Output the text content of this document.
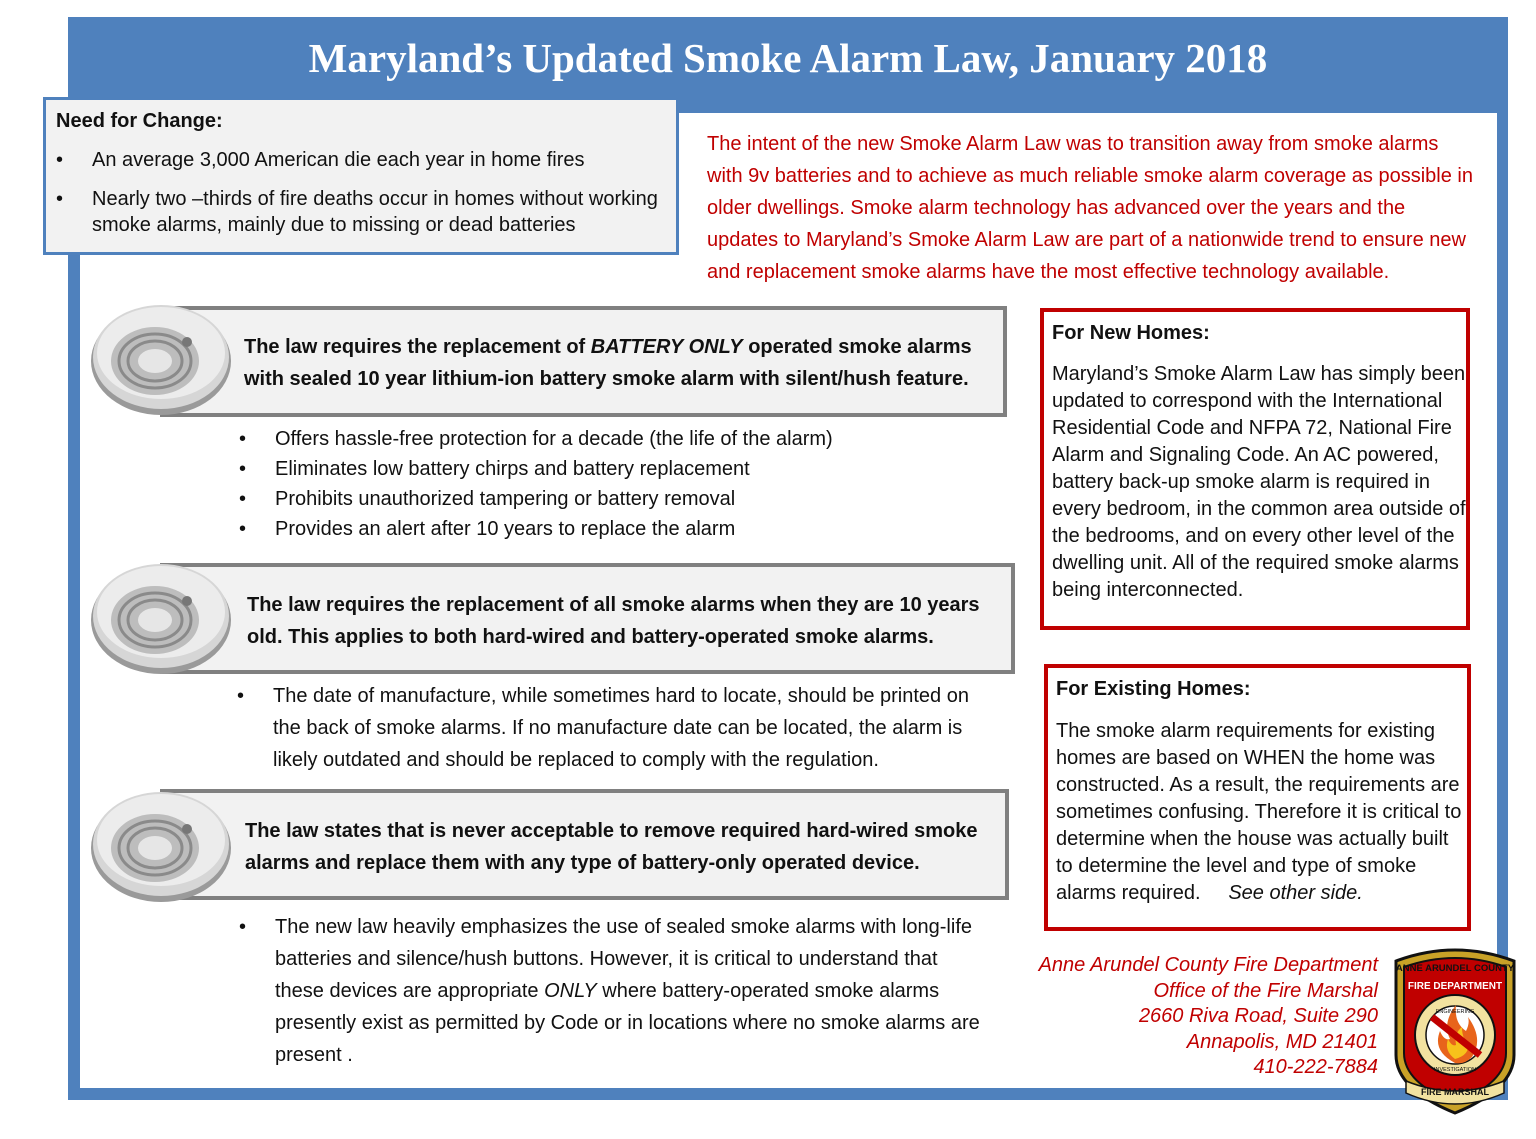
Maryland’s Updated Smoke Alarm Law, January 2018
Need for Change:
• An average 3,000 American die each year in home fires
• Nearly two –thirds of fire deaths occur in homes without working smoke alarms, mainly due to missing or dead batteries
The intent of the new Smoke Alarm Law was to transition away from smoke alarms with 9v batteries and to achieve as much reliable smoke alarm coverage as possible in older dwellings. Smoke alarm technology has advanced over the years and the updates to Maryland’s Smoke Alarm Law are part of a nationwide trend to ensure new and replacement smoke alarms have the most effective technology available.
The law requires the replacement of BATTERY ONLY operated smoke alarms with sealed 10 year lithium-ion battery smoke alarm with silent/hush feature.
• Offers hassle-free protection for a decade (the life of the alarm)
• Eliminates low battery chirps and battery replacement
• Prohibits unauthorized tampering or battery removal
• Provides an alert after 10 years to replace the alarm
The law requires the replacement of all smoke alarms when they are 10 years old. This applies to both hard-wired and battery-operated smoke alarms.
• The date of manufacture, while sometimes hard to locate, should be printed on the back of smoke alarms. If no manufacture date can be located, the alarm is likely outdated and should be replaced to comply with the regulation.
The law states that is never acceptable to remove required hard-wired smoke alarms and replace them with any type of battery-only operated device.
• The new law heavily emphasizes the use of sealed smoke alarms with long-life batteries and silence/hush buttons. However, it is critical to understand that these devices are appropriate ONLY where battery-operated smoke alarms presently exist as permitted by Code or in locations where no smoke alarms are present .
For New Homes:
Maryland’s Smoke Alarm Law has simply been updated to correspond with the International Residential Code and NFPA 72, National Fire Alarm and Signaling Code. An AC powered, battery back-up smoke alarm is required in every bedroom, in the common area outside of the bedrooms, and on every other level of the dwelling unit. All of the required smoke alarms being interconnected.
For Existing Homes:
The smoke alarm requirements for existing homes are based on WHEN the home was constructed. As a result, the requirements are sometimes confusing. Therefore it is critical to determine when the house was actually built to determine the level and type of smoke alarms required. See other side.
Anne Arundel County Fire Department
Office of the Fire Marshal
2660 Riva Road, Suite 290
Annapolis, MD 21401
410-222-7884
ANNE ARUNDEL COUNTY
FIRE DEPARTMENT
ENGINEERING
INVESTIGATION
FIRE MARSHAL
